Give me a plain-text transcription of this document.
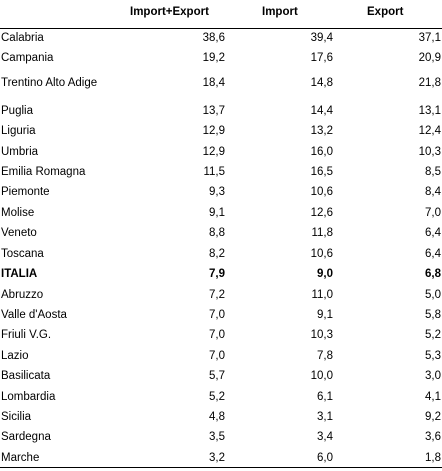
Import+Export	Import	Export
Calabria	38,6	39,4	37,1
Campania	19,2	17,6	20,9
Trentino Alto Adige	18,4	14,8	21,8
Puglia	13,7	14,4	13,1
Liguria	12,9	13,2	12,4
Umbria	12,9	16,0	10,3
Emilia Romagna	11,5	16,5	8,5
Piemonte	9,3	10,6	8,4
Molise	9,1	12,6	7,0
Veneto	8,8	11,8	6,4
Toscana	8,2	10,6	6,4
ITALIA	7,9	9,0	6,8
Abruzzo	7,2	11,0	5,0
Valle d'Aosta	7,0	9,1	5,8
Friuli V.G.	7,0	10,3	5,2
Lazio	7,0	7,8	5,3
Basilicata	5,7	10,0	3,0
Lombardia	5,2	6,1	4,1
Sicilia	4,8	3,1	9,2
Sardegna	3,5	3,4	3,6
Marche	3,2	6,0	1,8
